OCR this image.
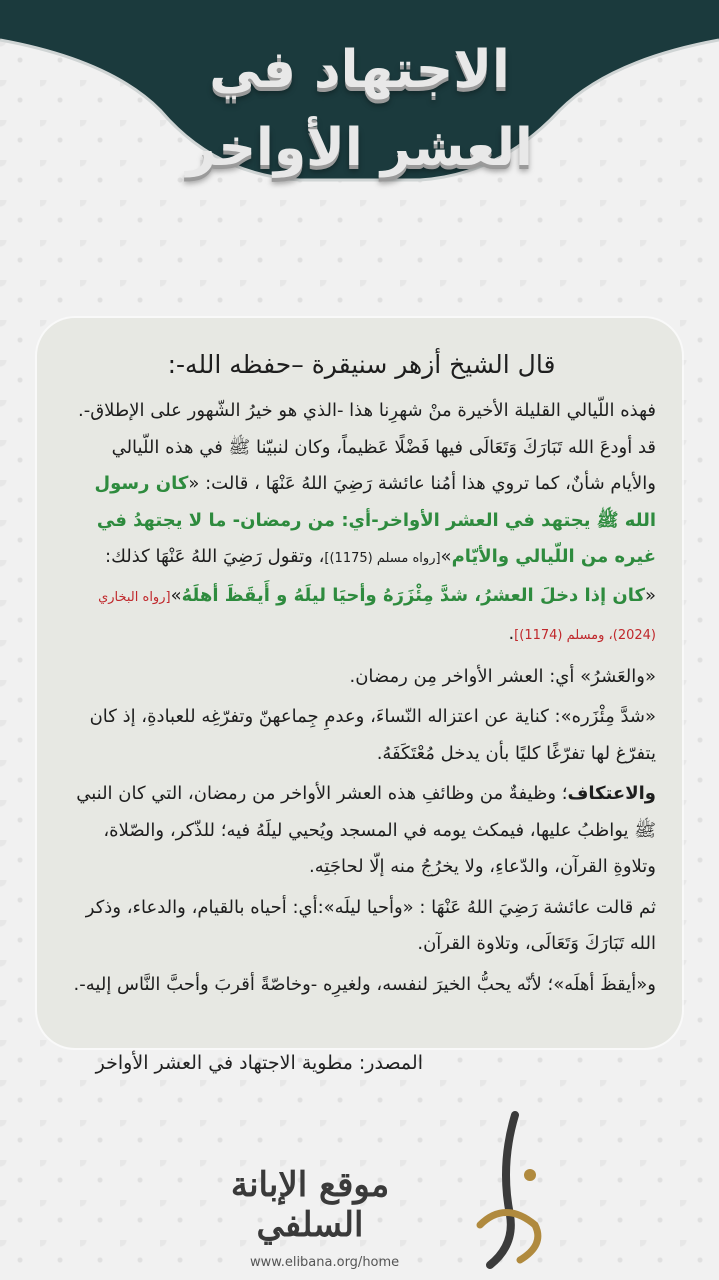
الاجتهاد في
العشر الأواخر
قال الشيخ أزهر سنيقرة –حفظه الله-:

فهذه اللّيالي القليلة الأخيرة منْ شهرِنا هذا -الذي هو خيرُ الشّهور على الإطلاق-. قد أودعَ الله تَبَارَكَ وَتَعَالَى فيها فَضْلًا عَظيماً، وكان لنبيّنا ﷺ في هذه اللّيالي والأيام شأنٌ، كما تروي هذا أمُنا عائشة رَضِيَ اللهُ عَنْهَا ، قالت: «كان رسول الله ﷺ يجتهد في العشر الأواخر-أي: من رمضان- ما لا يجتهدُ في غيره من اللّيالي والأيّام»[رواه مسلم (1175)]، وتقول رَضِيَ اللهُ عَنْهَا كذلك: «كان إذا دخلَ العشرُ، شدَّ مِئْزَرَهُ وأحيَا ليلَهُ و أَيقَظَ أهلَهُ»[رواه البخاري (2024)، ومسلم (1174)].

«والعَشرُ» أي: العشر الأواخر مِن رمضان.

«شدَّ مِئْزَره»: كناية عن اعتزاله النّساءَ، وعدمِ جِماعهنّ وتفرّغِه للعبادةِ، إذ كان يتفرّغ لها تفرّغًا كليًا بأن يدخل مُعْتَكَفَهُ.

والاعتكاف؛ وظيفةٌ من وظائفِ هذه العشر الأواخر من رمضان، التي كان النبي ﷺ يواظبُ عليها، فيمكث يومه في المسجد ويُحيي ليلَهُ فيه؛ للذّكر، والصّلاة، وتلاوةِ القرآن، والدّعاءِ، ولا يخرُجُ منه إلّا لحاجَتِه.

ثم قالت عائشة رَضِيَ اللهُ عَنْهَا : «وأحيا ليلَه»:أي: أحياه بالقيام، والدعاء، وذكر الله تَبَارَكَ وَتَعَالَى، وتلاوة القرآن.

و«أيقظَ أهلَه»؛ لأنّه يحبُّ الخيرَ لنفسه، ولغيرِه -وخاصّةً أقربَ وأحبَّ النَّاس إليه-.

المصدر: مطوية الاجتهاد في العشر الأواخر
موقع الإبانة السلفي
www.elibana.org/home
